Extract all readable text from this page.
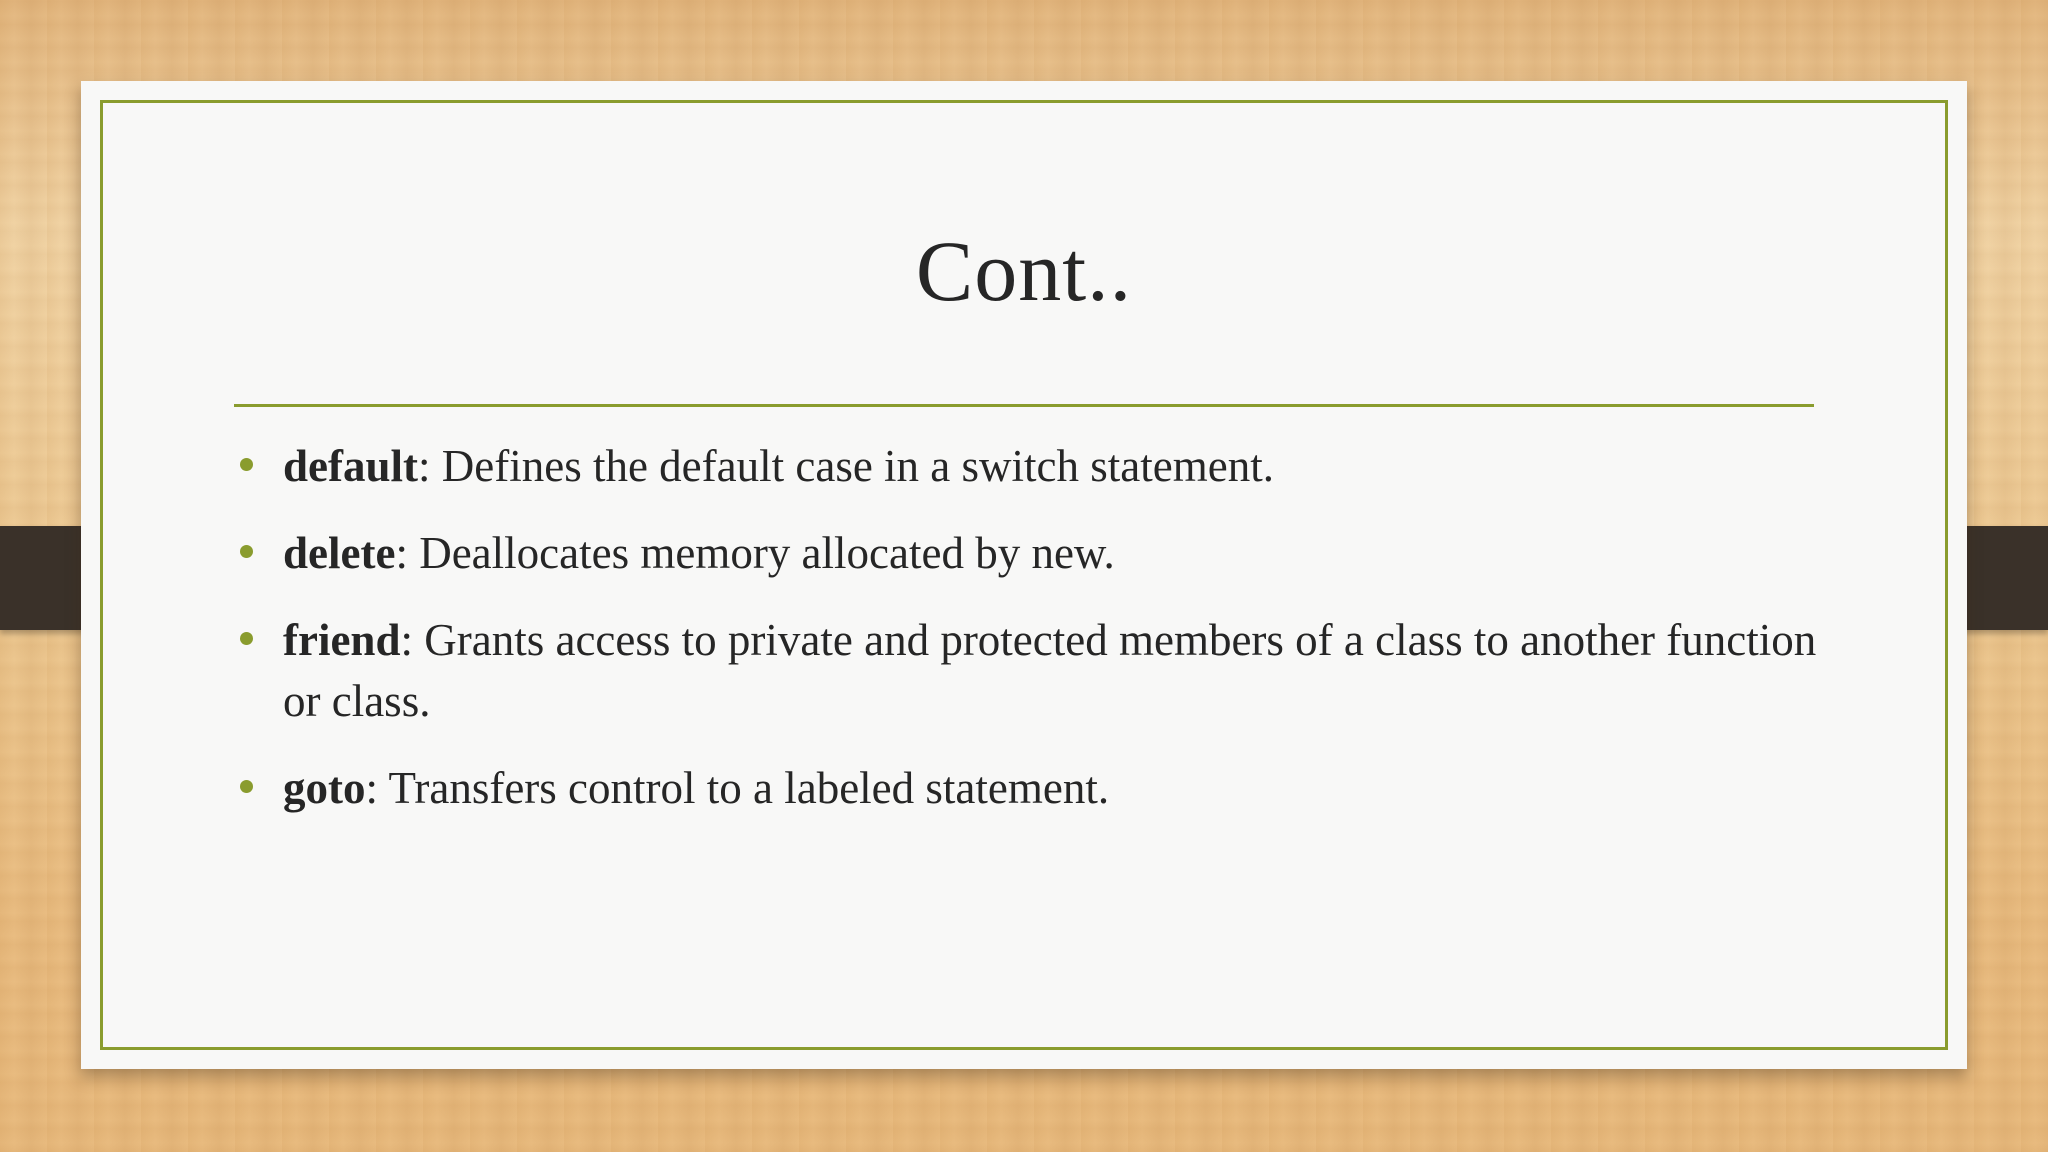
Cont..
default: Defines the default case in a switch statement.
delete: Deallocates memory allocated by new.
friend: Grants access to private and protected members of a class to another function or class.
goto: Transfers control to a labeled statement.
